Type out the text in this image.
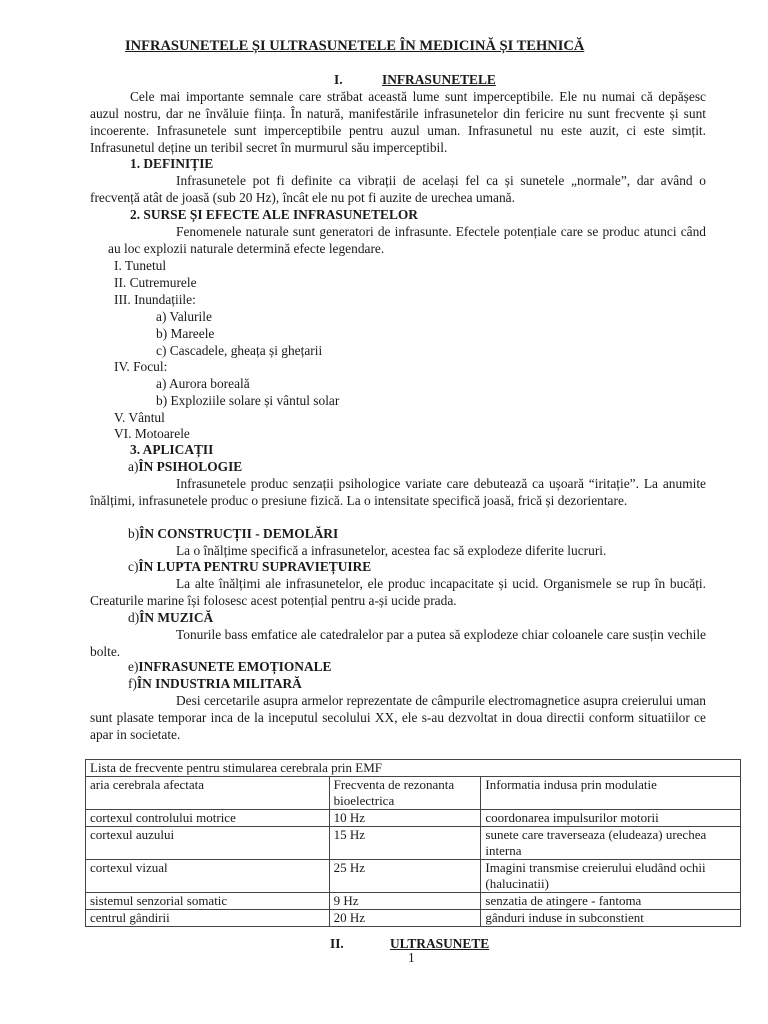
INFRASUNETELE ȘI ULTRASUNETELE ÎN MEDICINĂ ȘI TEHNICĂ
I.	INFRASUNETELE
Cele mai importante semnale care străbat această lume sunt imperceptibile. Ele nu numai că depășesc auzul nostru, dar ne învăluie ființa. În natură, manifestările infrasunetelor din fericire nu sunt frecvente și sunt incoerente. Infrasunetele sunt imperceptibile pentru auzul uman. Infrasunetul nu este auzit, ci este simțit. Infrasunetul deține un teribil secret în murmurul său imperceptibil.
1. DEFINIȚIE
Infrasunetele pot fi definite ca vibrații de același fel ca și sunetele „normale”, dar având o frecvență atât de joasă (sub 20 Hz), încât ele nu pot fi auzite de urechea umană.
2. SURSE ȘI EFECTE ALE INFRASUNETELOR
Fenomenele naturale sunt generatori de infrasunte. Efectele potențiale care se produc atunci când au loc explozii naturale determină efecte legendare.
I. Tunetul
II. Cutremurele
III. Inundațiile:
a) Valurile
b) Mareele
c) Cascadele, gheața și ghețarii
IV. Focul:
a) Aurora boreală
b) Exploziile solare și vântul solar
V. Vântul
VI. Motoarele
3. APLICAȚII
a)ÎN PSIHOLOGIE
Infrasunetele produc senzații psihologice variate care debutează ca ușoară “iritație”. La anumite înălțimi, infrasunetele produc o presiune fizică. La o intensitate specifică joasă, frică și dezorientare.
b)ÎN CONSTRUCȚII - DEMOLĂRI
La o înălțime specifică a infrasunetelor, acestea fac să explodeze diferite lucruri.
c)ÎN LUPTA PENTRU SUPRAVIEȚUIRE
La alte înălțimi ale infrasunetelor, ele produc incapacitate și ucid. Organismele se rup în bucăți. Creaturile marine își folosesc acest potențial pentru a-și ucide prada.
d)ÎN MUZICĂ
Tonurile bass emfatice ale catedralelor par a putea să explodeze chiar coloanele care susțin vechile bolte.
e)INFRASUNETE EMOȚIONALE
f)ÎN INDUSTRIA MILITARĂ
Desi cercetarile asupra armelor reprezentate de câmpurile electromagnetice asupra creierului uman sunt plasate temporar inca de la inceputul secolului XX, ele s-au dezvoltat in doua directii conform situatiilor ce apar in societate.
Lista de frecvente pentru stimularea cerebrala prin EMF		
aria cerebrala afectata	Frecventa de rezonanta bioelectrica	Informatia indusa prin modulatie
cortexul controlului motrice	10 Hz	coordonarea impulsurilor motorii
cortexul auzului	15 Hz	sunete care traverseaza (eludeaza) urechea interna
cortexul vizual	25 Hz	Imagini transmise creierului eludând ochii (halucinatii)
sistemul senzorial somatic	9 Hz	senzatia de atingere - fantoma
centrul gândirii	20 Hz	gânduri induse in subconstient
II.	ULTRASUNETE
1
